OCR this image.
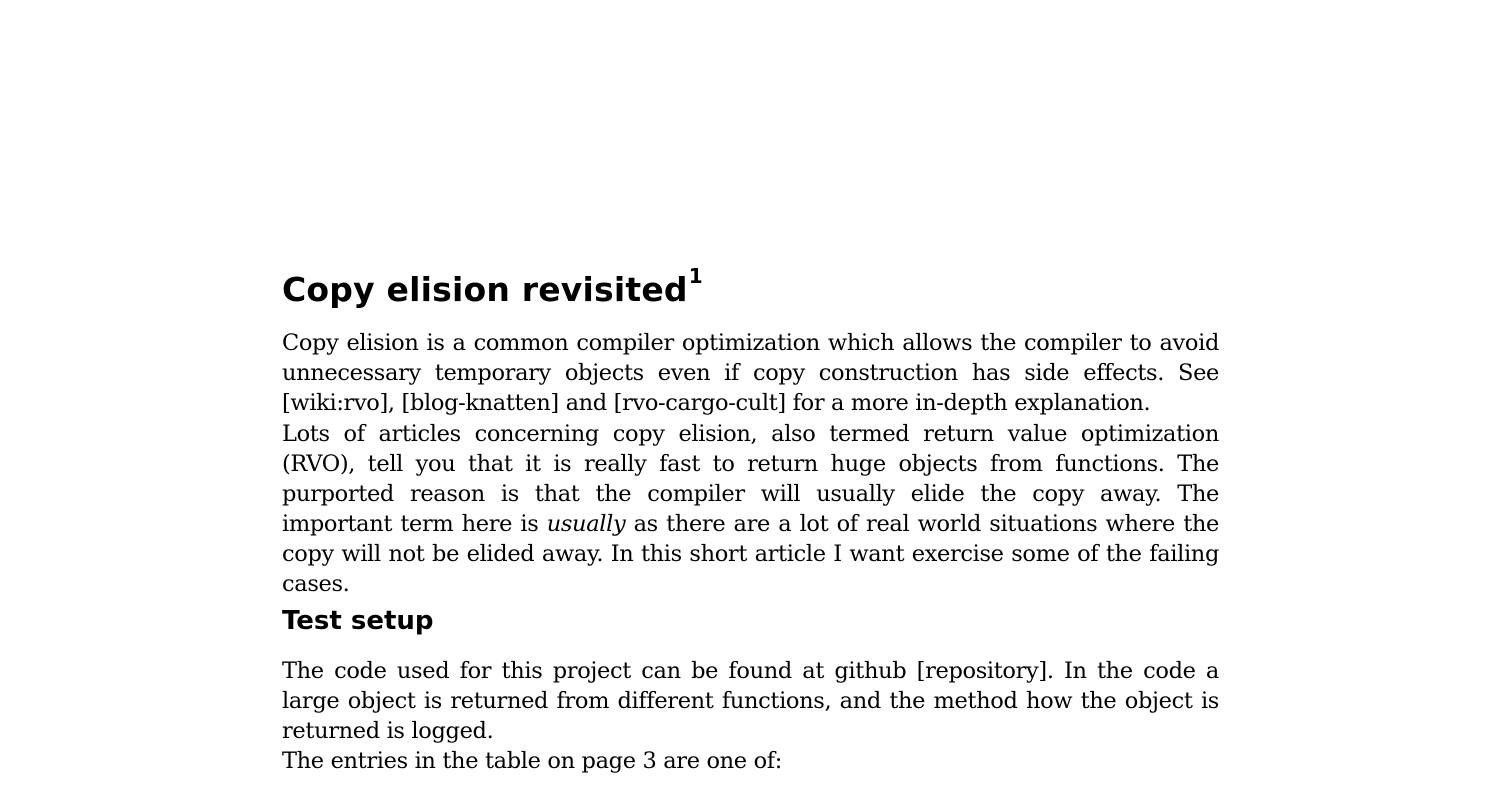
Copy elision revisited$^1$

Copy elision is a common compiler optimization which allows the compiler to avoid unnecessary temporary objects even if copy construction has side effects. See [wiki:rvo], [blog-knatten] and [rvo-cargo-cult] for a more in-depth explanation.

Lots of articles concerning copy elision, also termed return value optimization (RVO), tell you that it is really fast to return huge objects from functions. The purported reason is that the compiler will usually elide the copy away. The important term here is usually as there are a lot of real world situations where the copy will not be elided away. In this short article I want exercise some of the failing cases.

Test setup

The code used for this project can be found at github [repository]. In the code a large object is returned from different functions, and the method how the object is returned is logged.

The entries in the table on page 3 are one of:
